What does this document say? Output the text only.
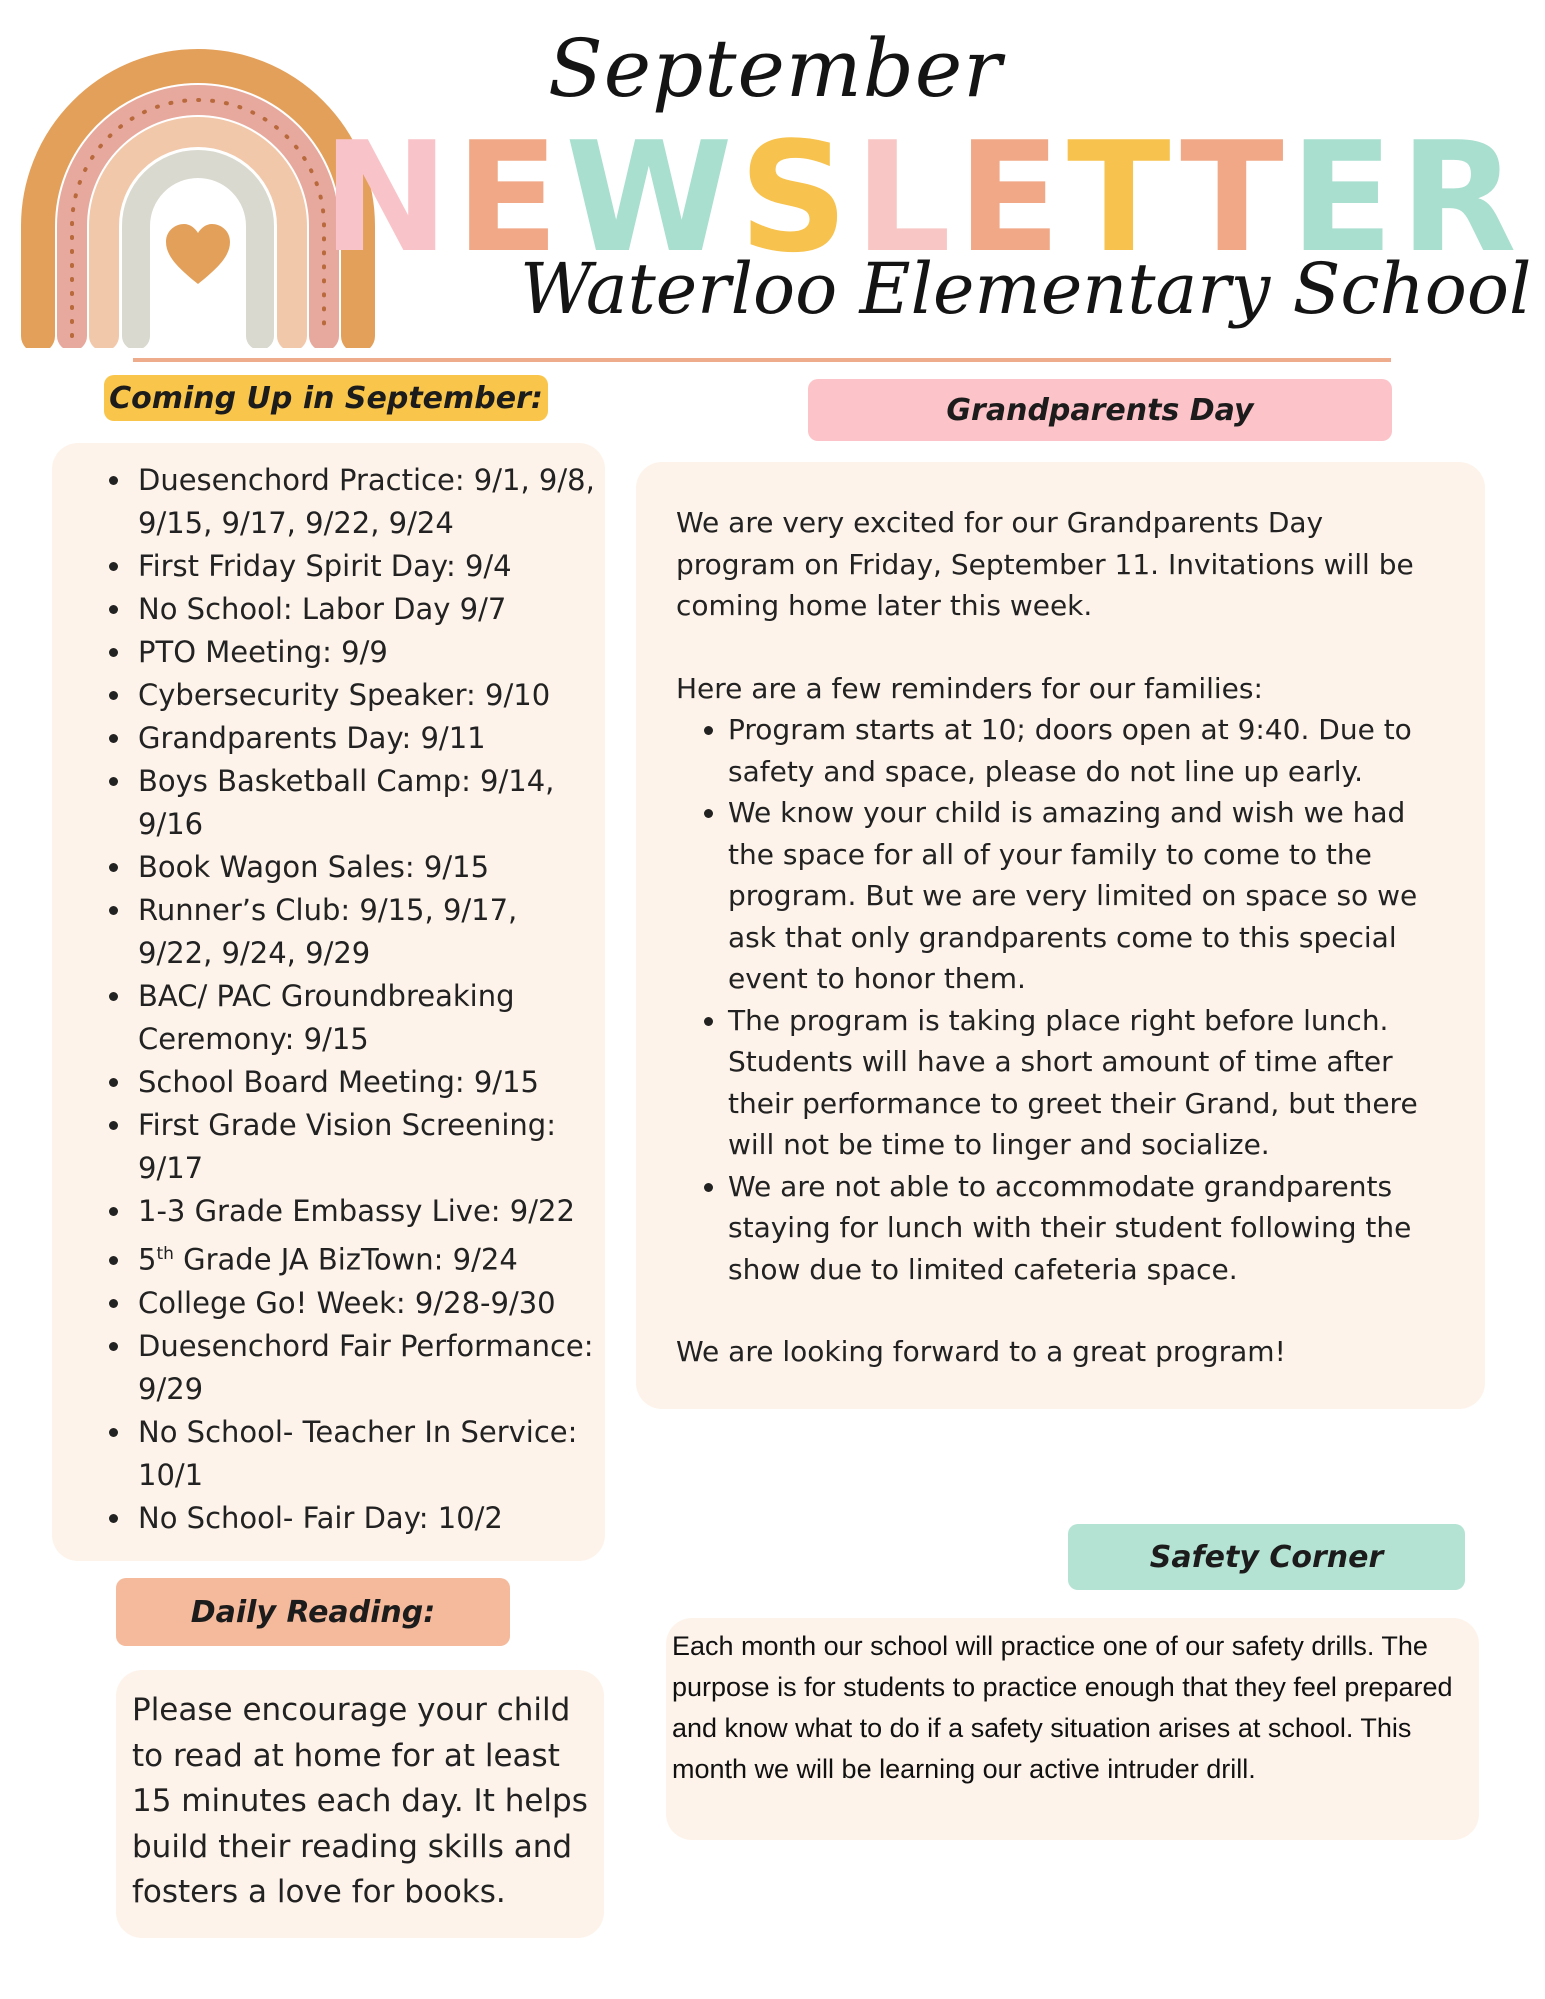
September
NEWSLETTER
Waterloo Elementary School
Coming Up in September:
• Duesenchord Practice: 9/1, 9/8, 9/15, 9/17, 9/22, 9/24
• First Friday Spirit Day: 9/4
• No School: Labor Day 9/7
• PTO Meeting: 9/9
• Cybersecurity Speaker: 9/10
• Grandparents Day: 9/11
• Boys Basketball Camp: 9/14, 9/16
• Book Wagon Sales: 9/15
• Runner’s Club: 9/15, 9/17, 9/22, 9/24, 9/29
• BAC/ PAC Groundbreaking Ceremony: 9/15
• School Board Meeting: 9/15
• First Grade Vision Screening: 9/17
• 1-3 Grade Embassy Live: 9/22
• 5th Grade JA BizTown: 9/24
• College Go! Week: 9/28-9/30
• Duesenchord Fair Performance: 9/29
• No School- Teacher In Service: 10/1
• No School- Fair Day: 10/2
Grandparents Day

We are very excited for our Grandparents Day program on Friday, September 11. Invitations will be coming home later this week.

Here are a few reminders for our families:

• Program starts at 10; doors open at 9:40. Due to safety and space, please do not line up early.
• We know your child is amazing and wish we had the space for all of your family to come to the program. But we are very limited on space so we ask that only grandparents come to this special event to honor them.
• The program is taking place right before lunch. Students will have a short amount of time after their performance to greet their Grand, but there will not be time to linger and socialize.
• We are not able to accommodate grandparents staying for lunch with their student following the show due to limited cafeteria space.

We are looking forward to a great program!

Safety Corner
Each month our school will practice one of our safety drills. The purpose is for students to practice enough that they feel prepared and know what to do if a safety situation arises at school. This month we will be learning our active intruder drill.
Daily Reading:
Please encourage your child to read at home for at least 15 minutes each day. It helps build their reading skills and fosters a love for books.
